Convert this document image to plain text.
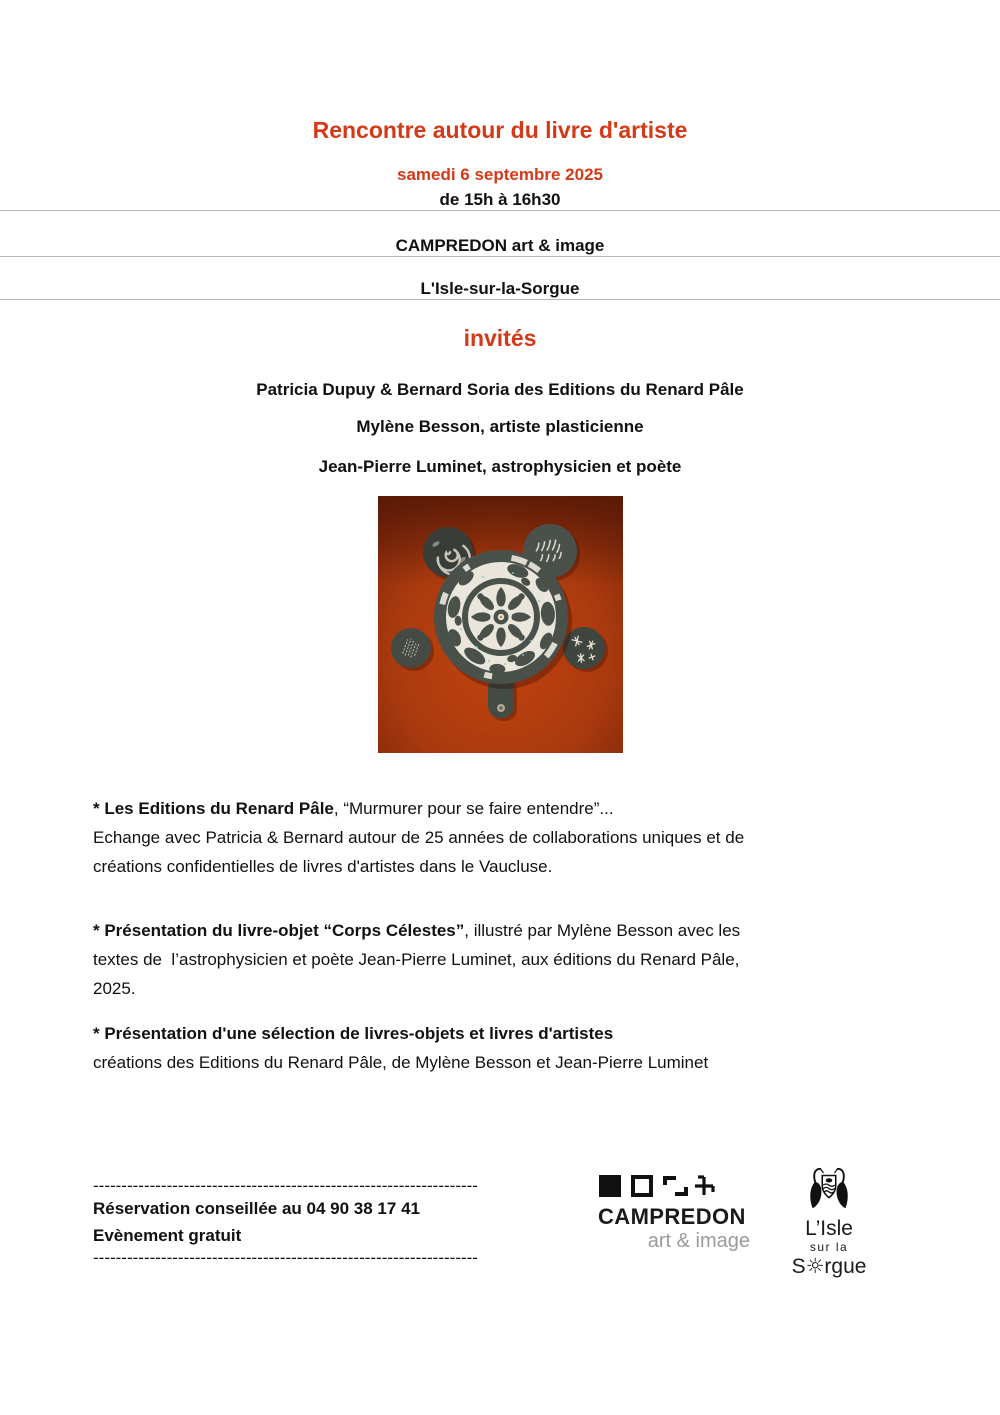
Rencontre autour du livre d'artiste

samedi 6 septembre 2025

de 15h à 16h30

CAMPREDON art & image

L'Isle-sur-la-Sorgue

invités

Patricia Dupuy & Bernard Soria des Editions du Renard Pâle

Mylène Besson, artiste plasticienne

Jean-Pierre Luminet, astrophysicien et poète

* Les Editions du Renard Pâle, “Murmurer pour se faire entendre”...
Echange avec Patricia & Bernard autour de 25 années de collaborations uniques et de
créations confidentielles de livres d'artistes dans le Vaucluse.

* Présentation du livre-objet “Corps Célestes”, illustré par Mylène Besson avec les
textes de  l’astrophysicien et poète Jean-Pierre Luminet, aux éditions du Renard Pâle,
2025.

* Présentation d'une sélection de livres-objets et livres d'artistes
créations des Editions du Renard Pâle, de Mylène Besson et Jean-Pierre Luminet

--------------------------------------------------------------------

Réservation conseillée au 04 90 38 17 41

Evènement gratuit

--------------------------------------------------------------------

CAMPREDON
art & image
L’Isle
sur la
S☼rgue
